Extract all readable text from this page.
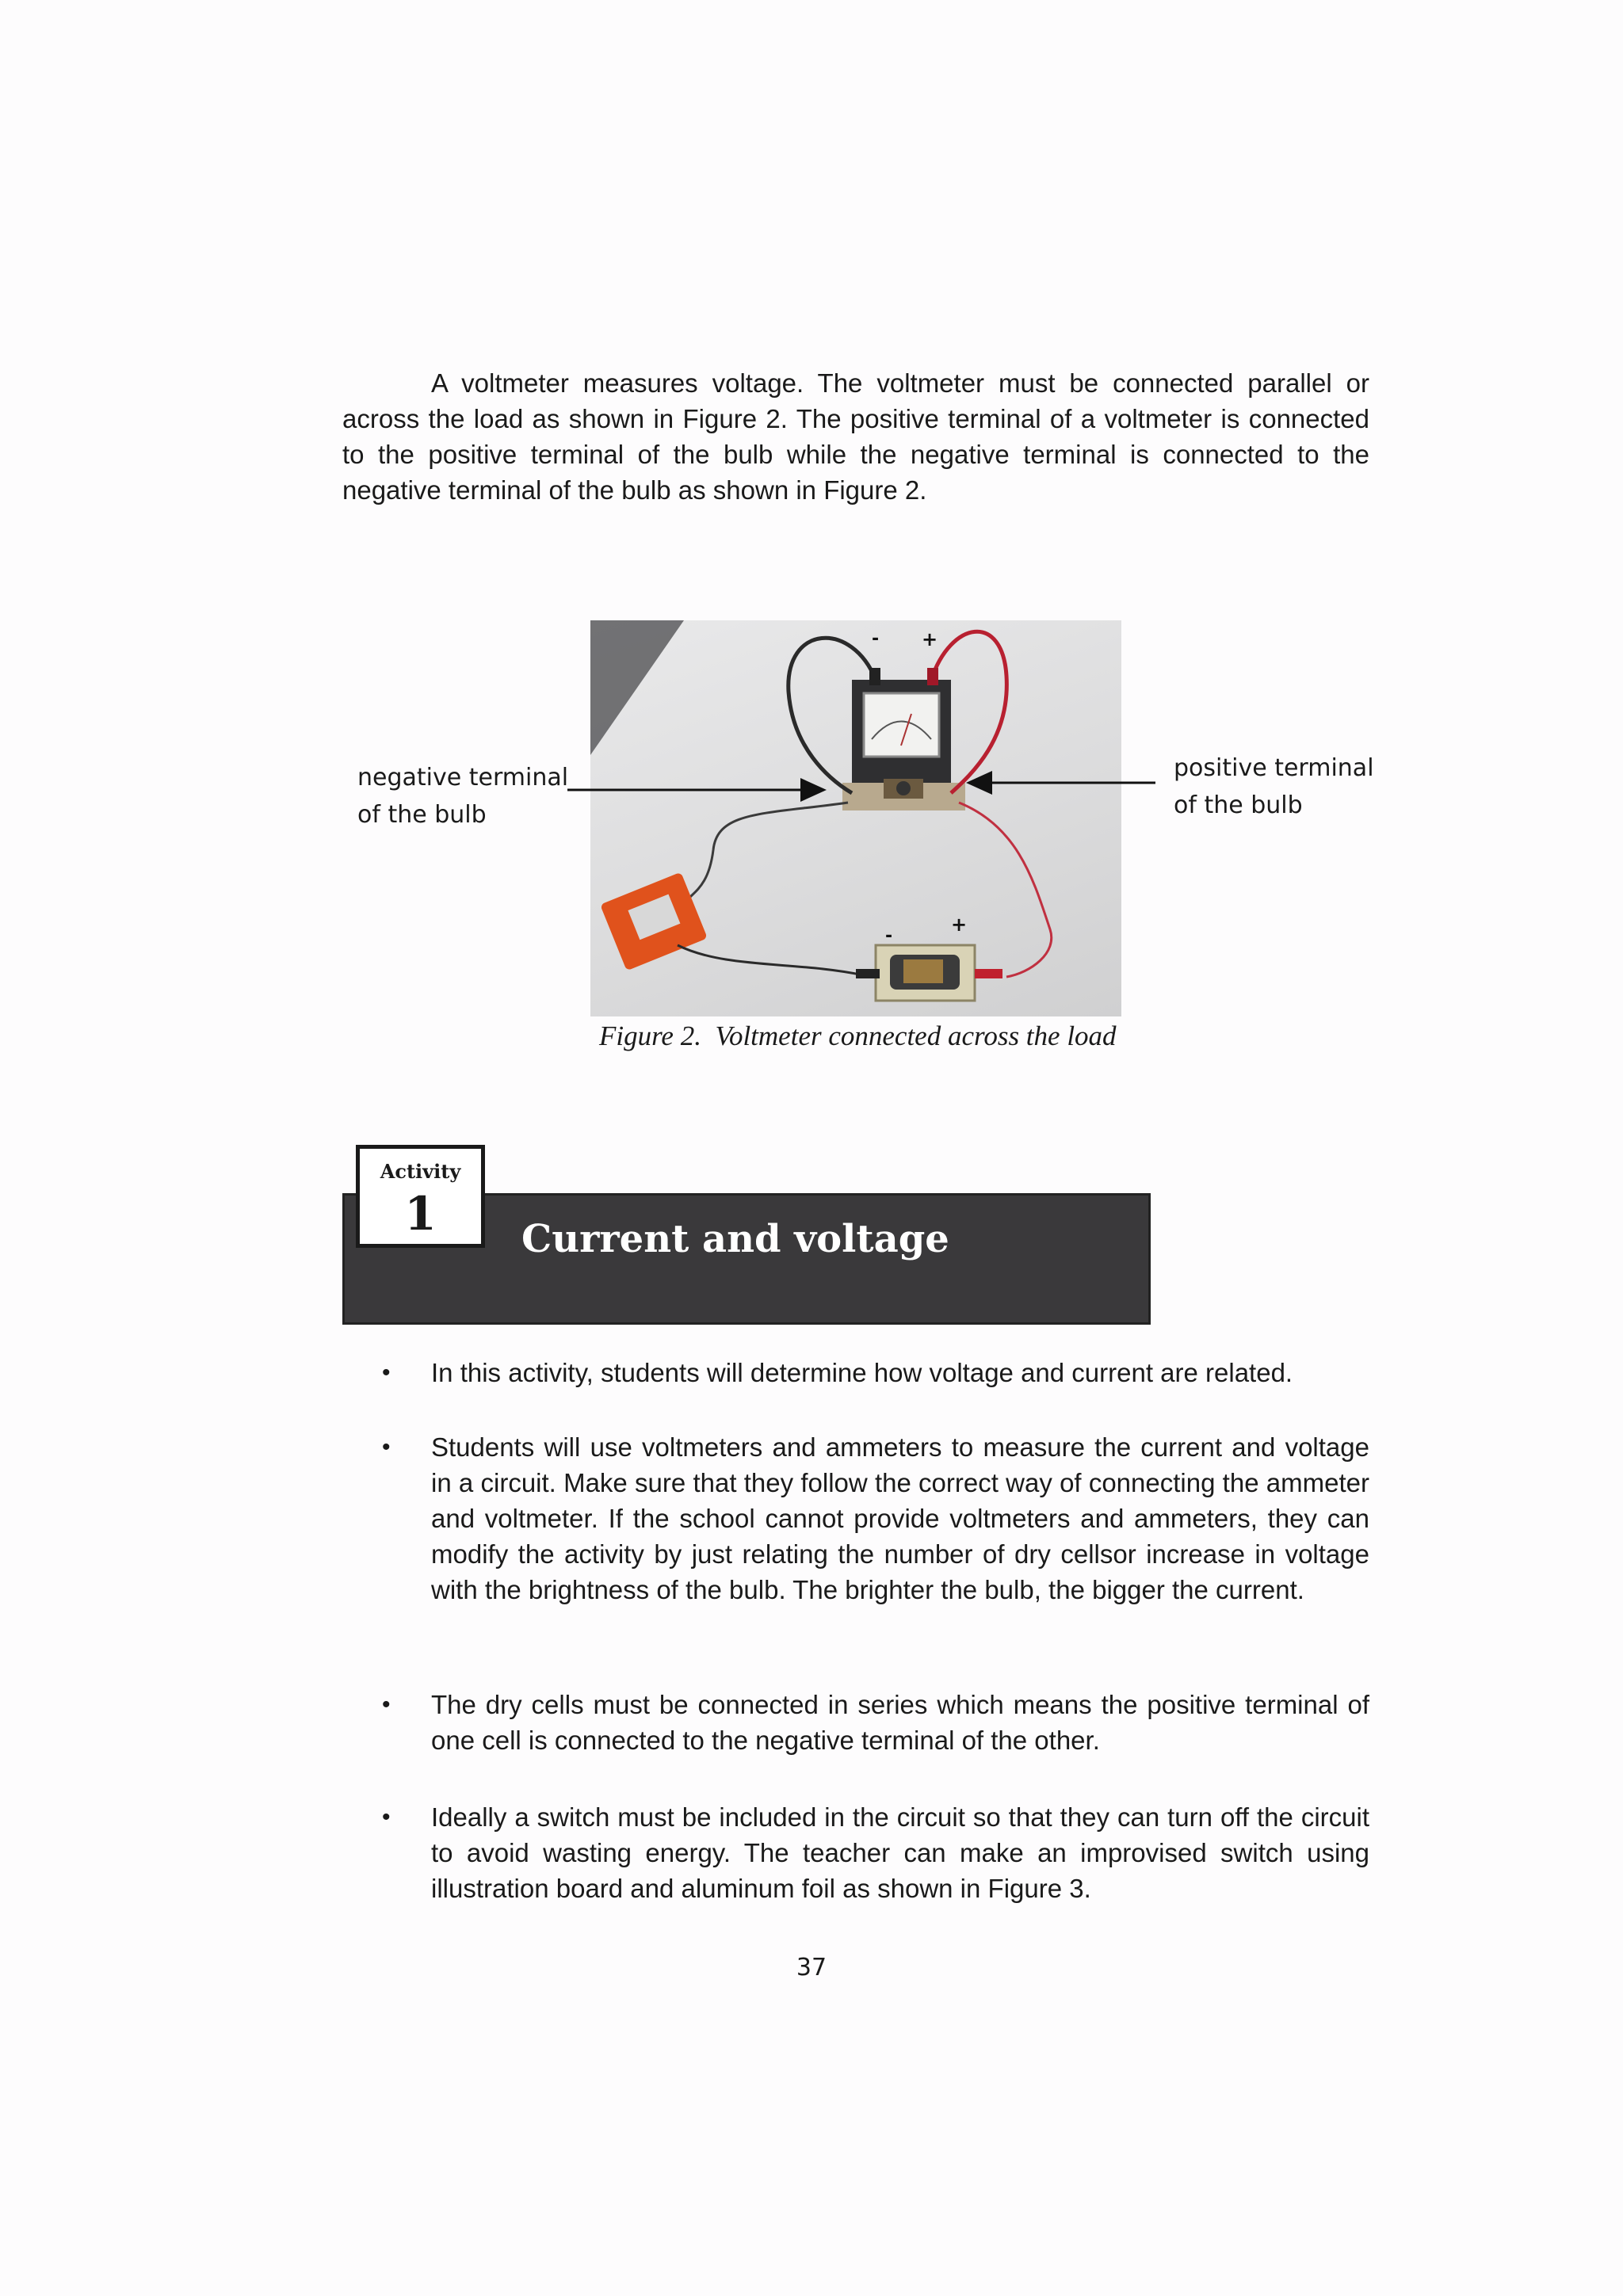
A voltmeter measures voltage. The voltmeter must be connected parallel or across the load as shown in Figure 2. The positive terminal of a voltmeter is connected to the positive terminal of the bulb while the negative terminal is connected to the negative terminal of the bulb as shown in Figure 2.

- +
-
+
negative terminal
of the bulb
positive terminal
of the bulb
Figure 2.  Voltmeter connected across the load
Current and voltage
Activity
1
• In this activity, students will determine how voltage and current are related.

• Students will use voltmeters and ammeters to measure the current and voltage in a circuit. Make sure that they follow the correct way of connecting the ammeter and voltmeter. If the school cannot provide voltmeters and ammeters, they can modify the activity by just relating the number of dry cellsor increase in voltage with the brightness of the bulb. The brighter the bulb, the bigger the current.

• The dry cells must be connected in series which means the positive terminal of one cell is connected to the negative terminal of the other.

• Ideally a switch must be included in the circuit so that they can turn off the circuit to avoid wasting energy. The teacher can make an improvised switch using illustration board and aluminum foil as shown in Figure 3.

37
